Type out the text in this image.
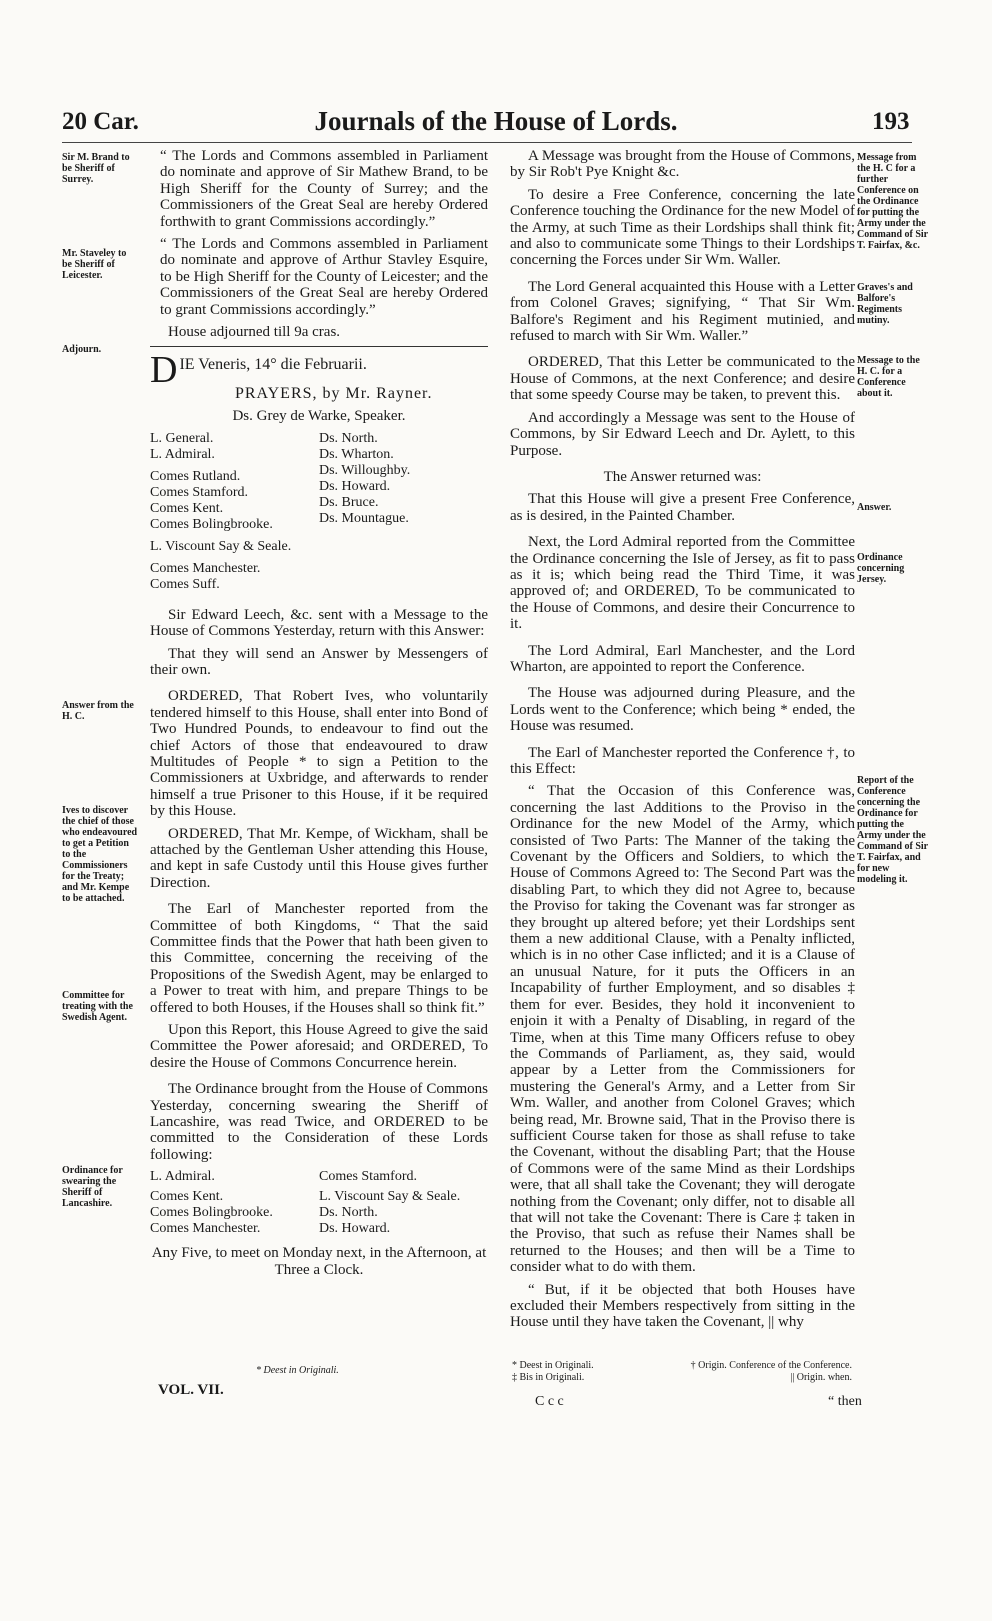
20 Car.	Journals of the House of Lords.	193
Sir M. Brand to be Sheriff of Surrey.
Mr. Staveley to be Sheriff of Leicester.
Adjourn.
Answer from the H. C.
Ives to discover the chief of those who endeavoured to get a Petition to the Commissioners for the Treaty; and Mr. Kempe to be attached.
Committee for treating with the Swedish Agent.
Ordinance for swearing the Sheriff of Lancashire.
Message from the H. C for a further Conference on the Ordinance for putting the Army under the Command of Sir T. Fairfax, &c.
Graves's and Balfore's Regiments mutiny.
Message to the H. C. for a Conference about it.
Answer.
Ordinance concerning Jersey.
Report of the Conference concerning the Ordinance for putting the Army under the Command of Sir T. Fairfax, and for new modeling it.

“ The Lords and Commons assembled in Parliament do nominate and approve of Sir Mathew Brand, to be High Sheriff for the County of Surrey; and the Commissioners of the Great Seal are hereby Ordered forthwith to grant Commissions accordingly.”

“ The Lords and Commons assembled in Parliament do nominate and approve of Arthur Stavley Esquire, to be High Sheriff for the County of Leicester; and the Commissioners of the Great Seal are hereby Ordered to grant Commissions accordingly.”

House adjourned till 9a cras.

D IE Veneris, 14° die Februarii.

PRAYERS, by Mr. Rayner.

Ds. Grey de Warke, Speaker.

L. General.
L. Admiral.
Comes Rutland.
Comes Stamford.
Comes Kent.
Comes Bolingbrooke.
L. Viscount Say & Seale.
Comes Manchester.
Comes Suff.
Ds. North.
Ds. Wharton.
Ds. Willoughby.
Ds. Howard.
Ds. Bruce.
Ds. Mountague.

Sir Edward Leech, &c. sent with a Message to the House of Commons Yesterday, return with this Answer:

That they will send an Answer by Messengers of their own.

ORDERED, That Robert Ives, who voluntarily tendered himself to this House, shall enter into Bond of Two Hundred Pounds, to endeavour to find out the chief Actors of those that endeavoured to draw Multitudes of People * to sign a Petition to the Commissioners at Uxbridge, and afterwards to render himself a true Prisoner to this House, if it be required by this House.

ORDERED, That Mr. Kempe, of Wickham, shall be attached by the Gentleman Usher attending this House, and kept in safe Custody until this House gives further Direction.

The Earl of Manchester reported from the Committee of both Kingdoms, “ That the said Committee finds that the Power that hath been given to this Committee, concerning the receiving of the Propositions of the Swedish Agent, may be enlarged to a Power to treat with him, and prepare Things to be offered to both Houses, if the Houses shall so think fit.”

Upon this Report, this House Agreed to give the said Committee the Power aforesaid; and ORDERED, To desire the House of Commons Concurrence herein.

The Ordinance brought from the House of Commons Yesterday, concerning swearing the Sheriff of Lancashire, was read Twice, and ORDERED to be committed to the Consideration of these Lords following:

L. Admiral.
Comes Kent.
Comes Bolingbrooke.
Comes Manchester.
Comes Stamford.
L. Viscount Say & Seale.
Ds. North.
Ds. Howard.

Any Five, to meet on Monday next, in the Afternoon, at Three a Clock.

* Deest in Originali.

A Message was brought from the House of Commons, by Sir Rob't Pye Knight &c.

To desire a Free Conference, concerning the late Conference touching the Ordinance for the new Model of the Army, at such Time as their Lordships shall think fit; and also to communicate some Things to their Lordships concerning the Forces under Sir Wm. Waller.

The Lord General acquainted this House with a Letter from Colonel Graves; signifying, “ That Sir Wm. Balfore's Regiment and his Regiment mutinied, and refused to march with Sir Wm. Waller.”

ORDERED, That this Letter be communicated to the House of Commons, at the next Conference; and desire that some speedy Course may be taken, to prevent this.

And accordingly a Message was sent to the House of Commons, by Sir Edward Leech and Dr. Aylett, to this Purpose.

The Answer returned was:

That this House will give a present Free Conference, as is desired, in the Painted Chamber.

Next, the Lord Admiral reported from the Committee the Ordinance concerning the Isle of Jersey, as fit to pass as it is; which being read the Third Time, it was approved of; and ORDERED, To be communicated to the House of Commons, and desire their Concurrence to it.

The Lord Admiral, Earl Manchester, and the Lord Wharton, are appointed to report the Conference.

The House was adjourned during Pleasure, and the Lords went to the Conference; which being * ended, the House was resumed.

The Earl of Manchester reported the Conference †, to this Effect:

“ That the Occasion of this Conference was, concerning the last Additions to the Proviso in the Ordinance for the new Model of the Army, which consisted of Two Parts: The Manner of the taking the Covenant by the Officers and Soldiers, to which the House of Commons Agreed to: The Second Part was the disabling Part, to which they did not Agree to, because the Proviso for taking the Covenant was far stronger as they brought up altered before; yet their Lordships sent them a new additional Clause, with a Penalty inflicted, which is in no other Case inflicted; and it is a Clause of an unusual Nature, for it puts the Officers in an Incapability of further Employment, and so disables ‡ them for ever. Besides, they hold it inconvenient to enjoin it with a Penalty of Disabling, in regard of the Time, when at this Time many Officers refuse to obey the Commands of Parliament, as, they said, would appear by a Letter from the Commissioners for mustering the General's Army, and a Letter from Sir Wm. Waller, and another from Colonel Graves; which being read, Mr. Browne said, That in the Proviso there is sufficient Course taken for those as shall refuse to take the Covenant, without the disabling Part; that the House of Commons were of the same Mind as their Lordships were, that all shall take the Covenant; they will derogate nothing from the Covenant; only differ, not to disable all that will not take the Covenant: There is Care ‡ taken in the Proviso, that such as refuse their Names shall be returned to the Houses; and then will be a Time to consider what to do with them.

“ But, if it be objected that both Houses have excluded their Members respectively from sitting in the House until they have taken the Covenant, || why

* Deest in Originali.	† Origin. Conference of the Conference.
‡ Bis in Originali.	|| Origin. when.
VOL. VII.
C c c	“ then
